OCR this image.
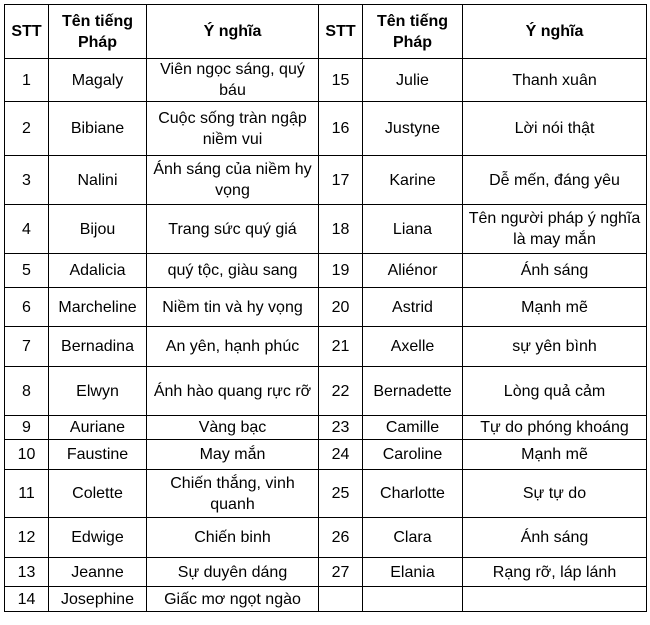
STT	Tên tiếng Pháp	Ý nghĩa	STT	Tên tiếng Pháp	Ý nghĩa
1	Magaly	Viên ngọc sáng, quý báu	15	Julie	Thanh xuân
2	Bibiane	Cuộc sống tràn ngập niềm vui	16	Justyne	Lời nói thật
3	Nalini	Ánh sáng của niềm hy vọng	17	Karine	Dễ mến, đáng yêu
4	Bijou	Trang sức quý giá	18	Liana	Tên người pháp ý nghĩa là may mắn
5	Adalicia	quý tộc, giàu sang	19	Aliénor	Ánh sáng
6	Marcheline	Niềm tin và hy vọng	20	Astrid	Mạnh mẽ
7	Bernadina	An yên, hạnh phúc	21	Axelle	sự yên bình
8	Elwyn	Ánh hào quang rực rỡ	22	Bernadette	Lòng quả cảm
9	Auriane	Vàng bạc	23	Camille	Tự do phóng khoáng
10	Faustine	May mắn	24	Caroline	Mạnh mẽ
11	Colette	Chiến thắng, vinh quanh	25	Charlotte	Sự tự do
12	Edwige	Chiến binh	26	Clara	Ánh sáng
13	Jeanne	Sự duyên dáng	27	Elania	Rạng rỡ, láp lánh
14	Josephine	Giấc mơ ngọt ngào			
